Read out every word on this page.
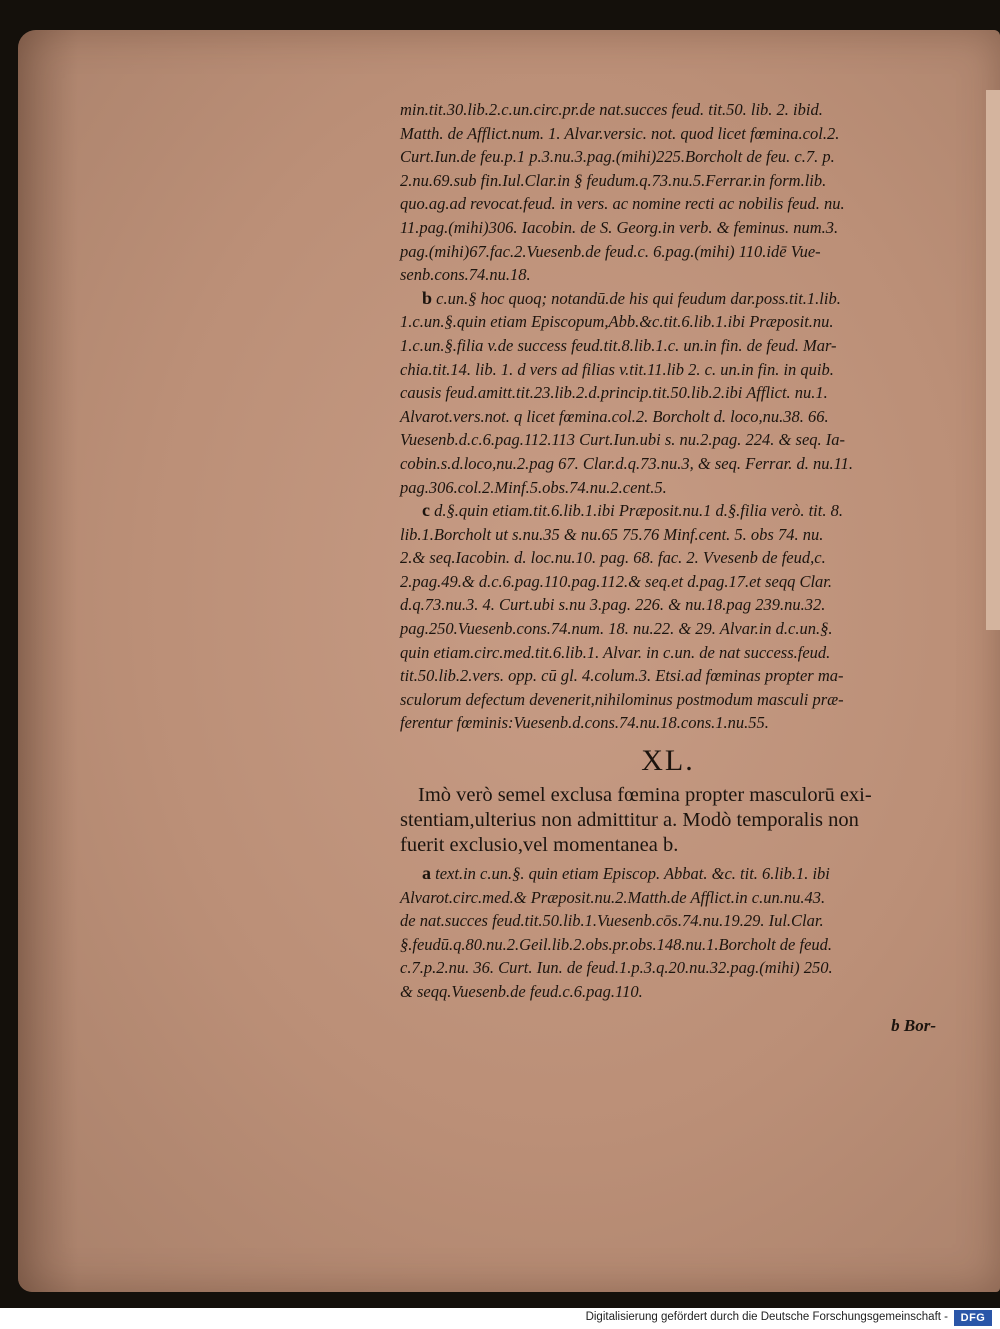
min.tit.30.lib.2.c.un.circ.pr.de nat.succes feud. tit.50. lib. 2. ibid.
Matth. de Afflict.num. 1. Alvar.versic. not. quod licet fœmina.col.2.
Curt.Iun.de feu.p.1 p.3.nu.3.pag.(mihi)225.Borcholt de feu. c.7. p.
2.nu.69.sub fin.Iul.Clar.in § feudum.q.73.nu.5.Ferrar.in form.lib.
quo.ag.ad revocat.feud. in vers. ac nomine recti ac nobilis feud. nu.
11.pag.(mihi)306. Iacobin. de S. Georg.in verb. & feminus. num.3.
pag.(mihi)67.fac.2.Vuesenb.de feud.c. 6.pag.(mihi) 110.idē Vue-
senb.cons.74.nu.18.

b c.un.§ hoc quoq; notandū.de his qui feudum dar.poss.tit.1.lib.
1.c.un.§.quin etiam Episcopum,Abb.&c.tit.6.lib.1.ibi Præposit.nu.
1.c.un.§.filia v.de success feud.tit.8.lib.1.c. un.in fin. de feud. Mar-
chia.tit.14. lib. 1. d vers ad filias v.tit.11.lib 2. c. un.in fin. in quib.
causis feud.amitt.tit.23.lib.2.d.princip.tit.50.lib.2.ibi Afflict. nu.1.
Alvarot.vers.not. q licet fœmina.col.2. Borcholt d. loco,nu.38. 66.
Vuesenb.d.c.6.pag.112.113 Curt.Iun.ubi s. nu.2.pag. 224. & seq. Ia-
cobin.s.d.loco,nu.2.pag 67. Clar.d.q.73.nu.3, & seq. Ferrar. d. nu.11.
pag.306.col.2.Minf.5.obs.74.nu.2.cent.5.

c d.§.quin etiam.tit.6.lib.1.ibi Præposit.nu.1 d.§.filia verò. tit. 8.
lib.1.Borcholt ut s.nu.35 & nu.65 75.76 Minf.cent. 5. obs 74. nu.
2.& seq.Iacobin. d. loc.nu.10. pag. 68. fac. 2. Vvesenb de feud,c.
2.pag.49.& d.c.6.pag.110.pag.112.& seq.et d.pag.17.et seqq Clar.
d.q.73.nu.3. 4. Curt.ubi s.nu 3.pag. 226. & nu.18.pag 239.nu.32.
pag.250.Vuesenb.cons.74.num. 18. nu.22. & 29. Alvar.in d.c.un.§.
quin etiam.circ.med.tit.6.lib.1. Alvar. in c.un. de nat success.feud.
tit.50.lib.2.vers. opp. cū gl. 4.colum.3. Etsi.ad fœminas propter ma-
sculorum defectum devenerit,nihilominus postmodum masculi præ-
ferentur fœminis:Vuesenb.d.cons.74.nu.18.cons.1.nu.55.

XL.

Imò verò semel exclusa fœmina propter masculorū exi-
stentiam,ulterius non admittitur a. Modò temporalis non
fuerit exclusio,vel momentanea b.

a text.in c.un.§. quin etiam Episcop. Abbat. &c. tit. 6.lib.1. ibi
Alvarot.circ.med.& Præposit.nu.2.Matth.de Afflict.in c.un.nu.43.
de nat.succes feud.tit.50.lib.1.Vuesenb.cōs.74.nu.19.29. Iul.Clar.
§.feudū.q.80.nu.2.Geil.lib.2.obs.pr.obs.148.nu.1.Borcholt de feud.
c.7.p.2.nu. 36. Curt. Iun. de feud.1.p.3.q.20.nu.32.pag.(mihi) 250.
& seqq.Vuesenb.de feud.c.6.pag.110.

b Bor-
Digitalisierung gefördert durch die Deutsche Forschungsgemeinschaft -	DFG
